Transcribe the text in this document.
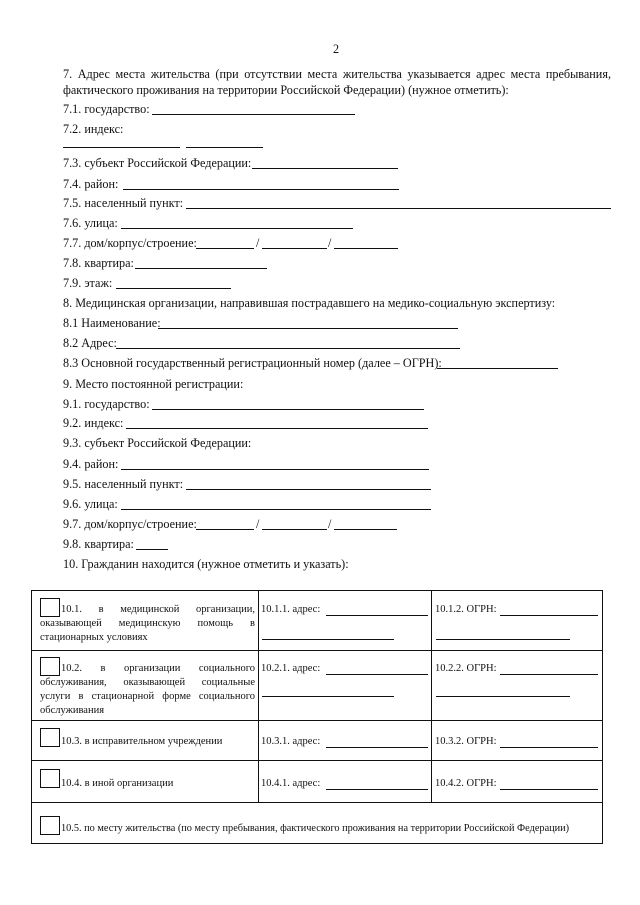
2
7. Адрес места жительства (при отсутствии места жительства указывается адрес места пребывания,
фактического проживания на территории Российской Федерации) (нужное отметить):
7.1. государство:
7.2. индекс:
7.3. субъект Российской Федерации:
7.4. район:
7.5. населенный пункт:
7.6. улица:
7.7. дом/корпус/строение:	/	/
7.8. квартира:
7.9. этаж:
8. Медицинская организации, направившая пострадавшего на медико-социальную экспертизу:
8.1 Наименование:
8.2 Адрес:
8.3 Основной государственный регистрационный номер (далее – ОГРН):
9. Место постоянной регистрации:
9.1. государство:
9.2. индекс:
9.3. субъект Российской Федерации:
9.4. район:
9.5. населенный пункт:
9.6. улица:
9.7. дом/корпус/строение:	/	/
9.8. квартира:
10. Гражданин находится (нужное отметить и указать):
10.1. в медицинской организации,
оказывающей медицинскую помощь в
стационарных условиях
10.1.1. адрес:	10.1.2. ОГРН:
10.2. в организации социального
обслуживания, оказывающей социальные
услуги в стационарной форме социального
обслуживания
10.2.1. адрес:	10.2.2. ОГРН:
10.3. в исправительном учреждении	10.3.1. адрес:	10.3.2. ОГРН:
10.4. в иной организации	10.4.1. адрес:	10.4.2. ОГРН:
10.5. по месту жительства (по месту пребывания, фактического проживания на территории Российской Федерации)
